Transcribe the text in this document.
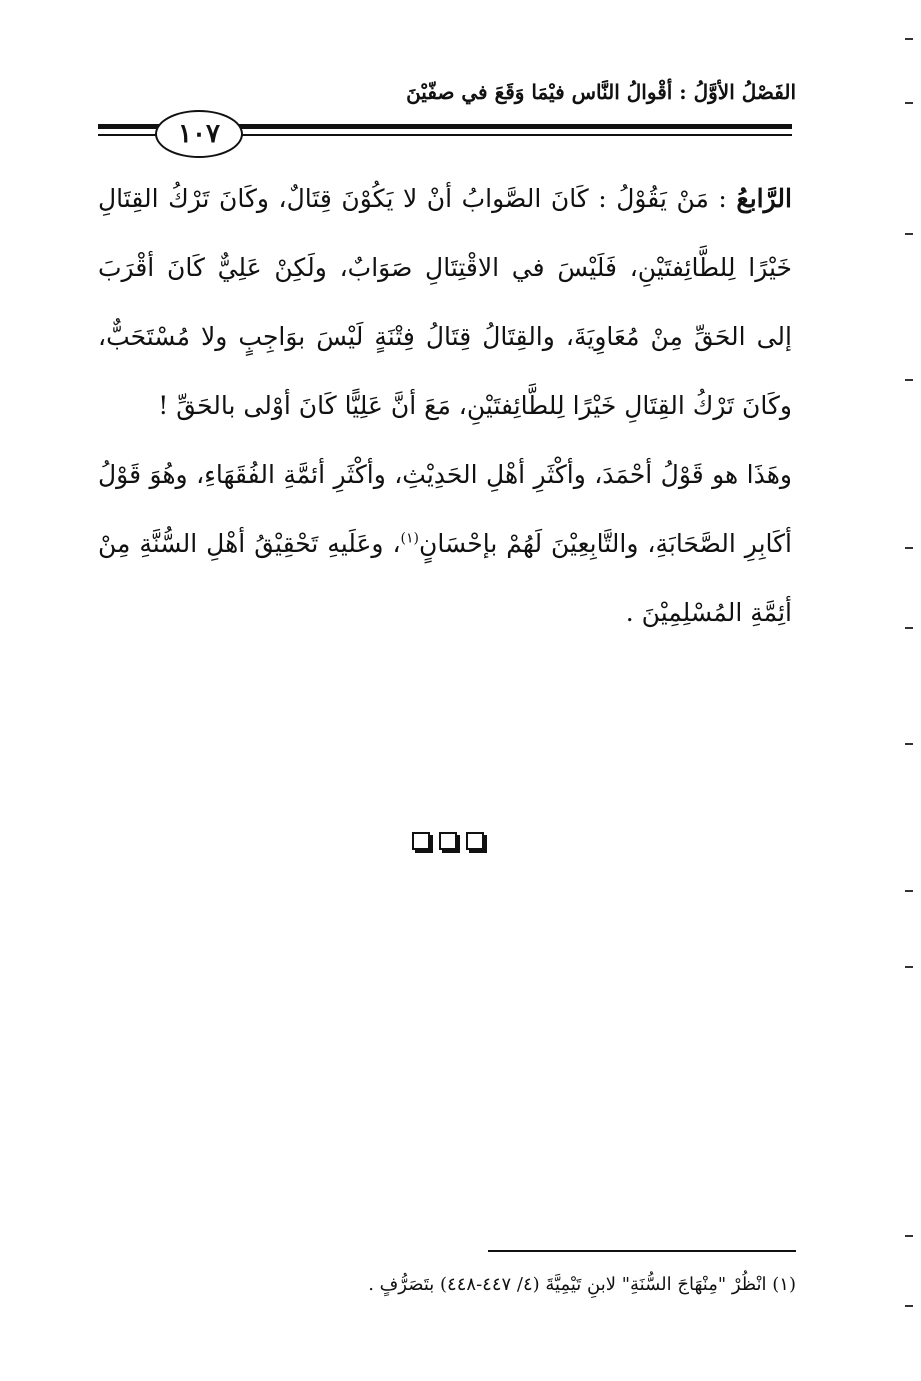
الفَصْلُ الأوَّلُ : أقْوالُ النَّاس فيْمَا وَقَعَ في صفّيْنَ
١٠٧

الرَّابعُ : مَنْ يَقُوْلُ : كَانَ الصَّوابُ أنْ لا يَكُوْنَ قِتَالٌ، وكَانَ تَرْكُ القِتَالِ خَيْرًا لِلطَّائِفتَيْنِ، فَلَيْسَ في الاقْتِتَالِ صَوَابٌ، ولَكِنْ عَلِيٌّ كَانَ أقْرَبَ إلى الحَقِّ مِنْ مُعَاوِيَةَ، والقِتَالُ قِتَالُ فِتْنَةٍ لَيْسَ بوَاجِبٍ ولا مُسْتَحَبٌّ، وكَانَ تَرْكُ القِتَالِ خَيْرًا لِلطَّائِفتَيْنِ، مَعَ أنَّ عَلِيًّا كَانَ أوْلى بالحَقِّ !

وهَذَا هو قَوْلُ أحْمَدَ، وأكْثَرِ أهْلِ الحَدِيْثِ، وأكْثَرِ أئمَّةِ الفُقَهَاءِ، وهُوَ قَوْلُ أكَابِرِ الصَّحَابَةِ، والتَّابِعِيْنَ لَهُمْ بإحْسَانٍ$^{(١)}$، وعَلَيهِ تَحْقِيْقُ أهْلِ السُّنَّةِ مِنْ أئِمَّةِ المُسْلِمِيْنَ .

(١) انْظُرْ "مِنْهَاجَ السُّنَةِ" لابنِ تَيْمِيَّةَ (٤/ ٤٤٧-٤٤٨) بتَصَرُّفٍ .
